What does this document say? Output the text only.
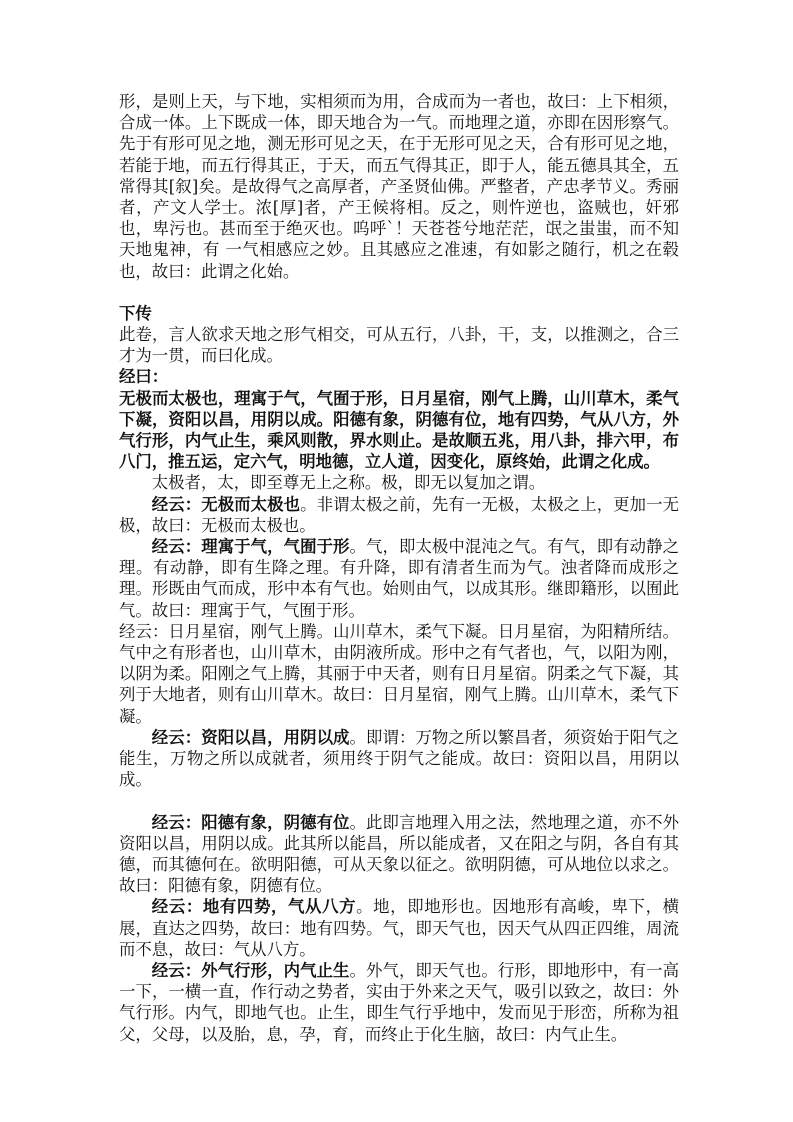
形，是则上天，与下地，实相须而为用，合成而为一者也，故曰：上下相须，合成一体。上下既成一体，即天地合为一气。而地理之道，亦即在因形察气。先于有形可见之地，测无形可见之天，在于无形可见之天，合有形可见之地，若能于地，而五行得其正，于天，而五气得其正，即于人，能五德具其全，五常得其[叙]矣。是故得气之高厚者，产圣贤仙佛。严整者，产忠孝节义。秀丽者，产文人学士。浓[厚]者，产王候将相。反之，则忤逆也，盗贼也，奸邪也，卑污也。甚而至于绝灭也。呜呼`！天苍苍兮地茫茫，氓之蚩蚩，而不知天地鬼神，有 一气相感应之妙。且其感应之准速，有如影之随行，机之在毂也，故曰：此谓之化始。

下传

此卷，言人欲求天地之形气相交，可从五行，八卦，干，支，以推测之，合三才为一贯，而曰化成。

经曰：

无极而太极也，理寓于气，气囿于形，日月星宿，刚气上腾，山川草木，柔气下凝，资阳以昌，用阴以成。阳德有象，阴德有位，地有四势，气从八方，外气行形，内气止生，乘风则散，界水则止。是故顺五兆，用八卦，排六甲，布八门，推五运，定六气，明地德，立人道，因变化，原终始，此谓之化成。

太极者，太，即至尊无上之称。极，即无以复加之谓。

经云：无极而太极也。非谓太极之前，先有一无极，太极之上，更加一无极，故曰：无极而太极也。

经云：理寓于气，气囿于形。气，即太极中混沌之气。有气，即有动静之理。有动静，即有生降之理。有升降，即有清者生而为气。浊者降而成形之理。形既由气而成，形中本有气也。始则由气，以成其形。继即籍形，以囿此气。故曰：理寓于气，气囿于形。

经云：日月星宿，刚气上腾。山川草木，柔气下凝。日月星宿，为阳精所结。气中之有形者也，山川草木，由阴液所成。形中之有气者也，气，以阳为刚，以阴为柔。阳刚之气上腾，其丽于中天者，则有日月星宿。阴柔之气下凝，其列于大地者，则有山川草木。故曰：日月星宿，刚气上腾。山川草木，柔气下凝。

经云：资阳以昌，用阴以成。即谓：万物之所以繁昌者，须资始于阳气之能生，万物之所以成就者，须用终于阴气之能成。故曰：资阳以昌，用阴以成。

经云：阳德有象，阴德有位。此即言地理入用之法，然地理之道，亦不外资阳以昌，用阴以成。此其所以能昌，所以能成者，又在阳之与阴，各自有其德，而其德何在。欲明阳德，可从天象以征之。欲明阴德，可从地位以求之。故曰：阳德有象，阴德有位。

经云：地有四势，气从八方。地，即地形也。因地形有高峻，卑下，横展，直达之四势，故曰：地有四势。气，即天气也，因天气从四正四维，周流而不息，故曰：气从八方。

经云：外气行形，内气止生。外气，即天气也。行形，即地形中，有一高一下，一横一直，作行动之势者，实由于外来之天气，吸引以致之，故曰：外气行形。内气，即地气也。止生，即生气行乎地中，发而见于形峦，所称为祖父，父母，以及胎，息，孕，育，而终止于化生脑，故曰：内气止生。
